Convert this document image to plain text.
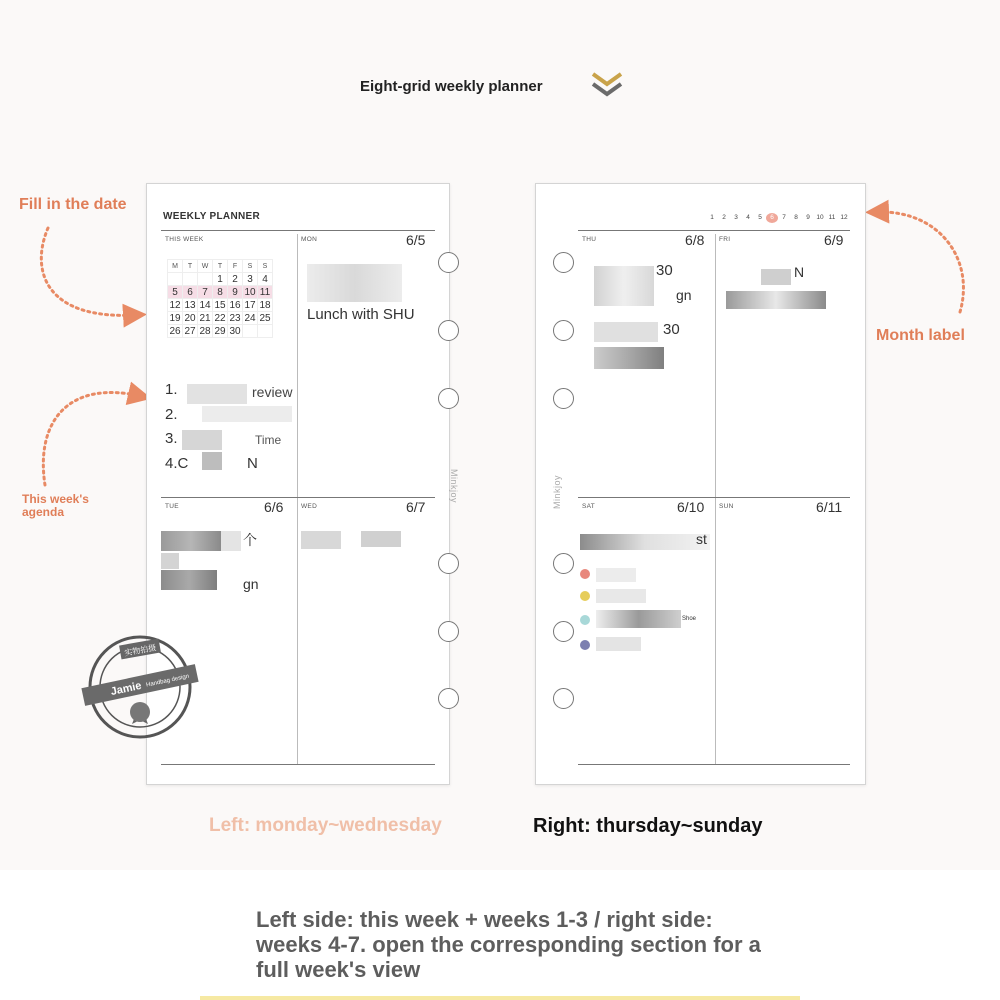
Eight-grid weekly planner
Fill in the date
Month label
This week's agenda
WEEKLY PLANNER
THIS WEEK	MON	6/5
M	T	W	T	F	S	S
			1	2	3	4
5	6	7	8	9	10	11
12	13	14	15	16	17	18
19	20	21	22	23	24	25
26	27	28	29	30		
1.	review
2.
3.	Time
4.C	N
Lunch with SHU
TUE	6/6	WED	6/7
个
gn
Minkjoy
1	2	3	4	5	6	7	8	9	10 11 12
THU	6/8 FRI	6/9
30
gn
30
N
SAT	6/10 SUN	6/11
st
Shoe
Minkjoy
实物拍摄
Jamie Handbag design
Left: monday~wednesday	Right: thursday~sunday
Left side: this week + weeks 1-3 / right side: weeks 4-7. open the corresponding section for a full week's view
